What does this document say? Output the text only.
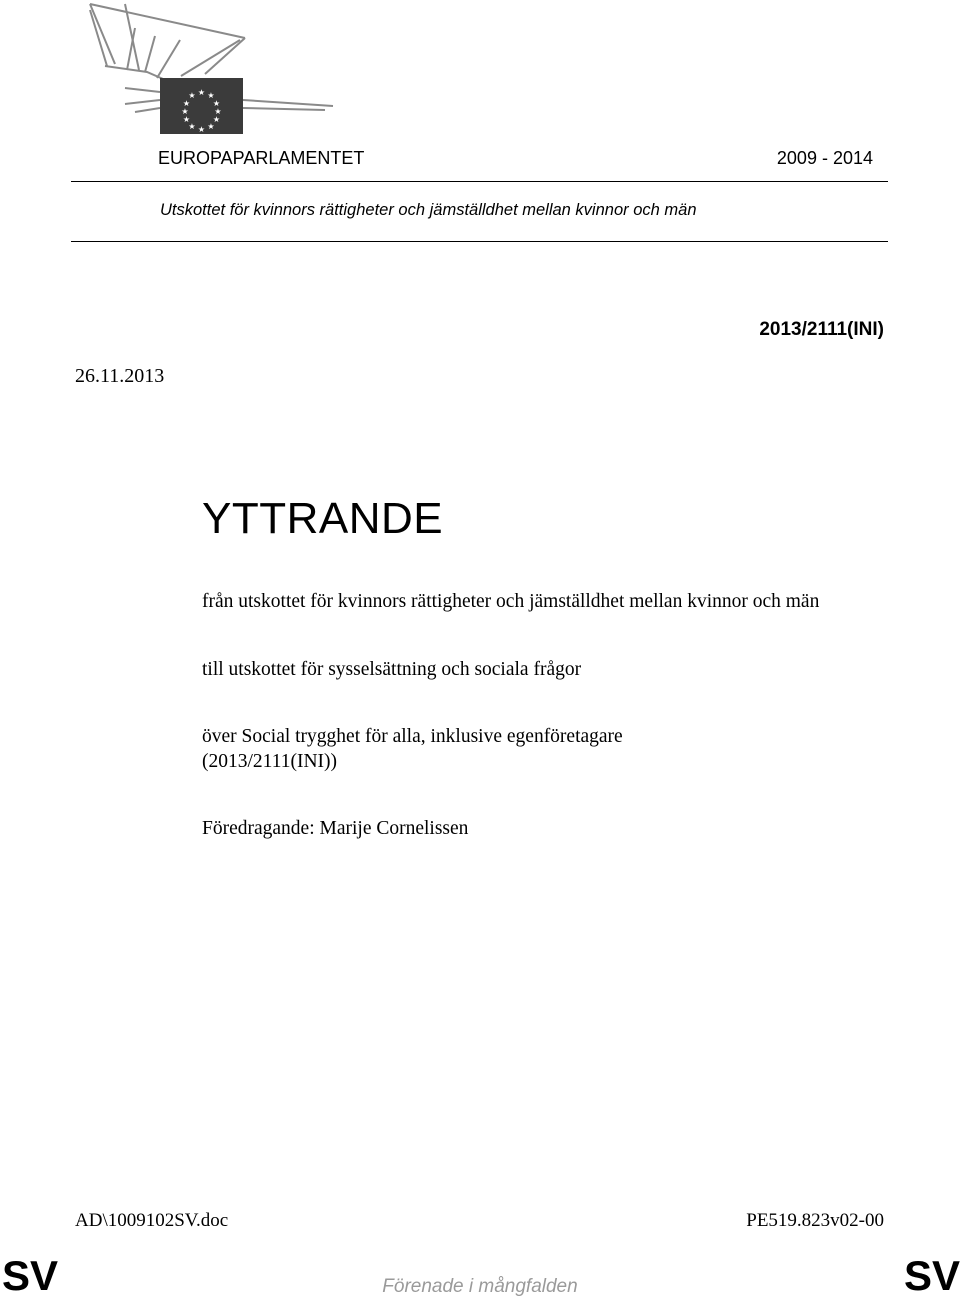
★ ★
★
★
★
★
★
★
★
★
★
★
EUROPAPARLAMENTET	2009 - 2014
Utskottet för kvinnors rättigheter och jämställdhet mellan kvinnor och män
2013/2111(INI)
26.11.2013
YTTRANDE
från utskottet för kvinnors rättigheter och jämställdhet mellan kvinnor och män
till utskottet för sysselsättning och sociala frågor
över Social trygghet för alla, inklusive egenföretagare
(2013/2111(INI))
Föredragande: Marije Cornelissen
AD\1009102SV.doc	PE519.823v02-00
SV	Förenade i mångfalden	SV
